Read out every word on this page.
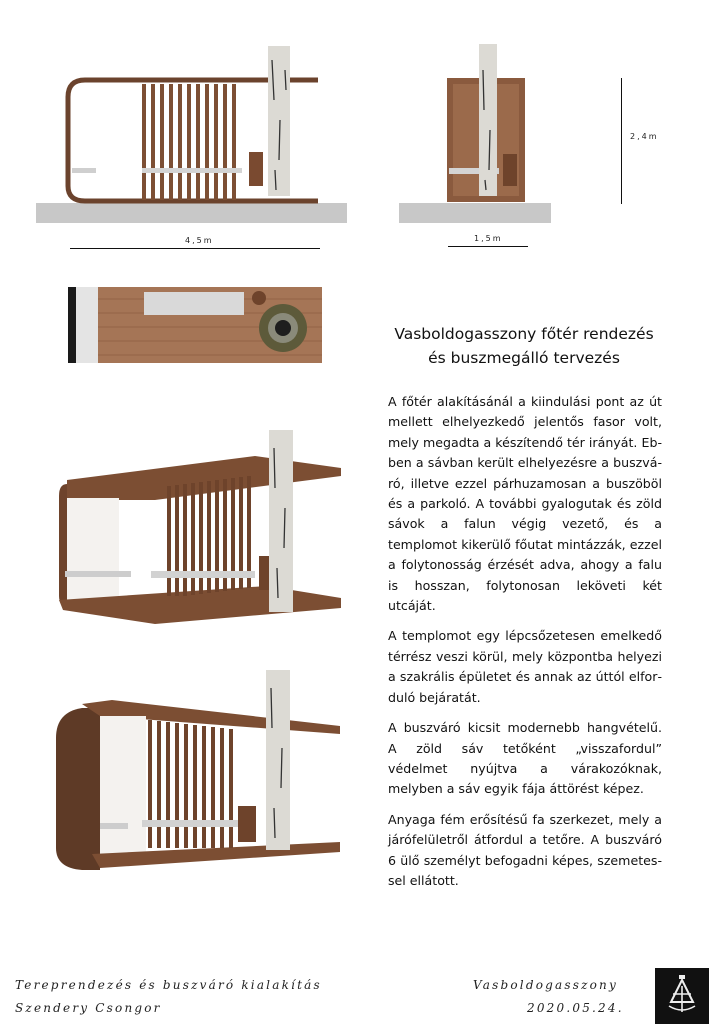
4,5m	1,5m
2,4m
Vasboldogasszony főtér rendezés és buszmegálló tervezés

A főtér alakításánál a kiindulási pont az út mellett elhelyezkedő jelentős fasor volt, mely megadta a készítendő tér irányát. Ebben a sávban került elhelyezésre a buszváró, illetve ezzel párhuzamosan a buszöböl és a parkoló. A további gyalogutak és zöld sávok a falun végig vezető, és a templomot kikerülő főutat mintázzák, ezzel a folytonosság érzését adva, ahogy a falu is hosszan, folytonosan leköveti két utcáját.

A templomot egy lépcsőzetesen emelkedő térrész veszi körül, mely központba helyezi a szakrális épületet és annak az úttól elforduló bejáratát.

A buszváró kicsit modernebb hangvételű. A zöld sáv tetőként „visszafordul” védelmet nyújtva a várakozóknak, melyben a sáv egyik fája áttörést képez.

Anyaga fém erősítésű fa szerkezet, mely a járófelületről átfordul a tetőre. A buszváró 6 ülő személyt befogadni képes, szemetessel ellátott.

Tereprendezés és buszváró kialakítás
Szendery Csongor
Vasboldogasszony
2020.05.24.
